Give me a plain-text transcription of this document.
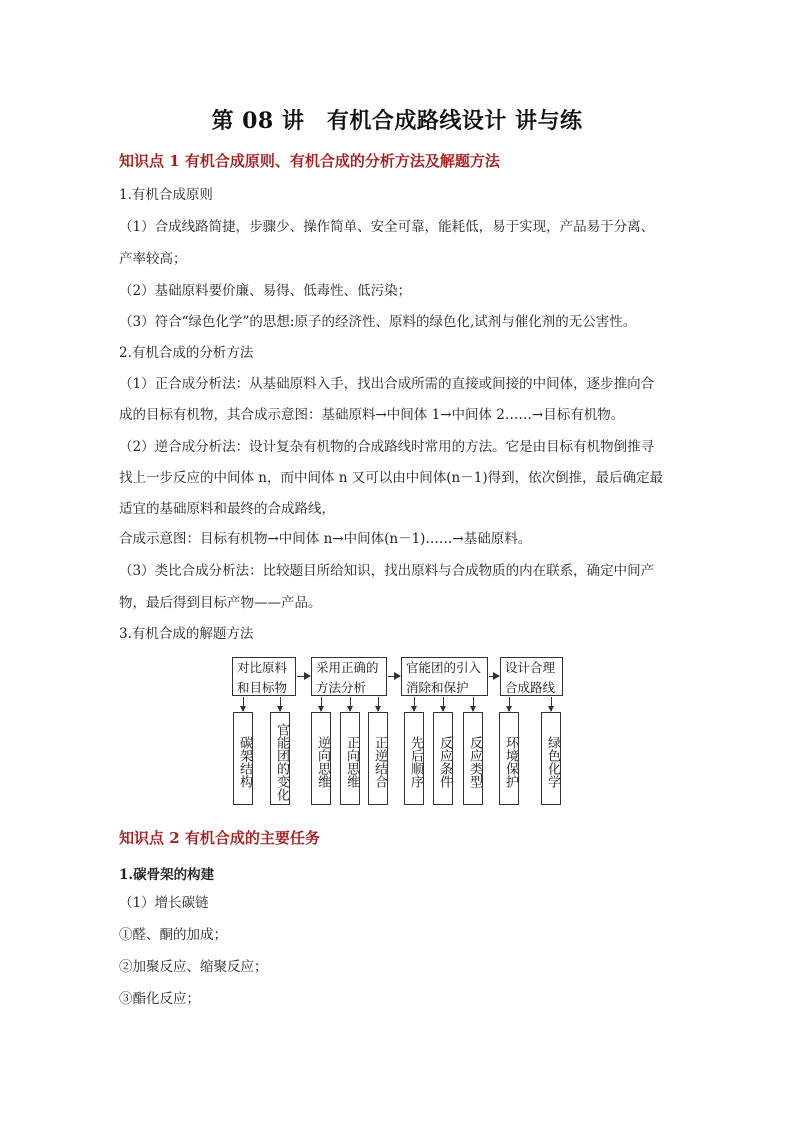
第 08 讲　有机合成路线设计 讲与练
知识点 1 有机合成原则、有机合成的分析方法及解题方法
1.有机合成原则
（1）合成线路简捷，步骤少、操作简单、安全可靠，能耗低，易于实现，产品易于分离、
产率较高；
（2）基础原料要价廉、易得、低毒性、低污染；
（3）符合“绿色化学”的思想:原子的经济性、原料的绿色化,试剂与催化剂的无公害性。
2.有机合成的分析方法
（1）正合成分析法：从基础原料入手，找出合成所需的直接或间接的中间体，逐步推向合
成的目标有机物，其合成示意图：基础原料→中间体 1→中间体 2……→目标有机物。
（2）逆合成分析法：设计复杂有机物的合成路线时常用的方法。它是由目标有机物倒推寻
找上一步反应的中间体 n，而中间体 n 又可以由中间体(n－1)得到，依次倒推，最后确定最
适宜的基础原料和最终的合成路线，
合成示意图：目标有机物→中间体 n→中间体(n－1)……→基础原料。
（3）类比合成分析法：比较题目所给知识，找出原料与合成物质的内在联系，确定中间产
物，最后得到目标产物——产品。
3.有机合成的解题方法
对比原料
和目标物
采用正确的
方法分析
官能团的引入
消除和保护
设计合理
合成路线
碳架结构	官能团的变化	逆向思维	正向思维	正逆结合	先后顺序	反应条件	反应类型	环境保护	绿色化学
知识点 2 有机合成的主要任务
1.碳骨架的构建
（1）增长碳链
①醛、酮的加成；
②加聚反应、缩聚反应；
③酯化反应；
